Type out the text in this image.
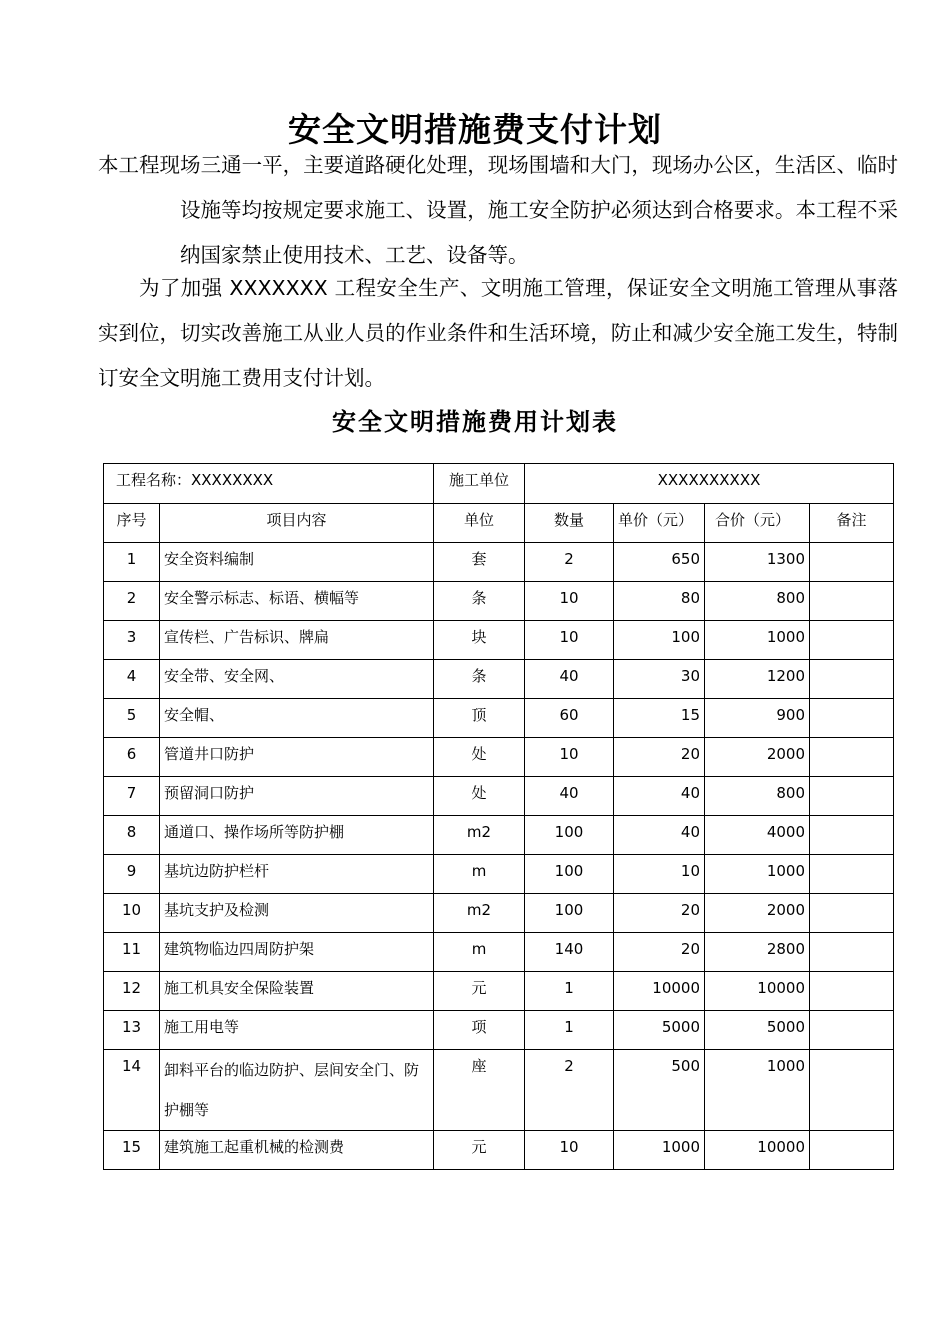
安全文明措施费支付计划
本工程现场三通一平，主要道路硬化处理，现场围墙和大门，现场办公区，生活区、临时设施等均按规定要求施工、设置，施工安全防护必须达到合格要求。本工程不采纳国家禁止使用技术、工艺、设备等。
为了加强 XXXXXXX 工程安全生产、文明施工管理，保证安全文明施工管理从事落实到位，切实改善施工从业人员的作业条件和生活环境，防止和减少安全施工发生，特制订安全文明施工费用支付计划。
安全文明措施费用计划表
工程名称：XXXXXXXX		施工单位	XXXXXXXXXX			
序号	项目内容	单位	数量	单价（元）	合价（元）	备注
1	安全资料编制	套	2	650	1300	
2	安全警示标志、标语、横幅等	条	10	80	800	
3	宣传栏、广告标识、牌扁	块	10	100	1000	
4	安全带、安全网、	条	40	30	1200	
5	安全帽、	顶	60	15	900	
6	管道井口防护	处	10	20	2000	
7	预留洞口防护	处	40	40	800	
8	通道口、操作场所等防护棚	m2	100	40	4000	
9	基坑边防护栏杆	m	100	10	1000	
10	基坑支护及检测	m2	100	20	2000	
11	建筑物临边四周防护架	m	140	20	2800	
12	施工机具安全保险装置	元	1	10000	10000	
13	施工用电等	项	1	5000	5000	
14	卸料平台的临边防护、层间安全门、防护棚等	座	2	500	1000	
15	建筑施工起重机械的检测费	元	10	1000	10000	
